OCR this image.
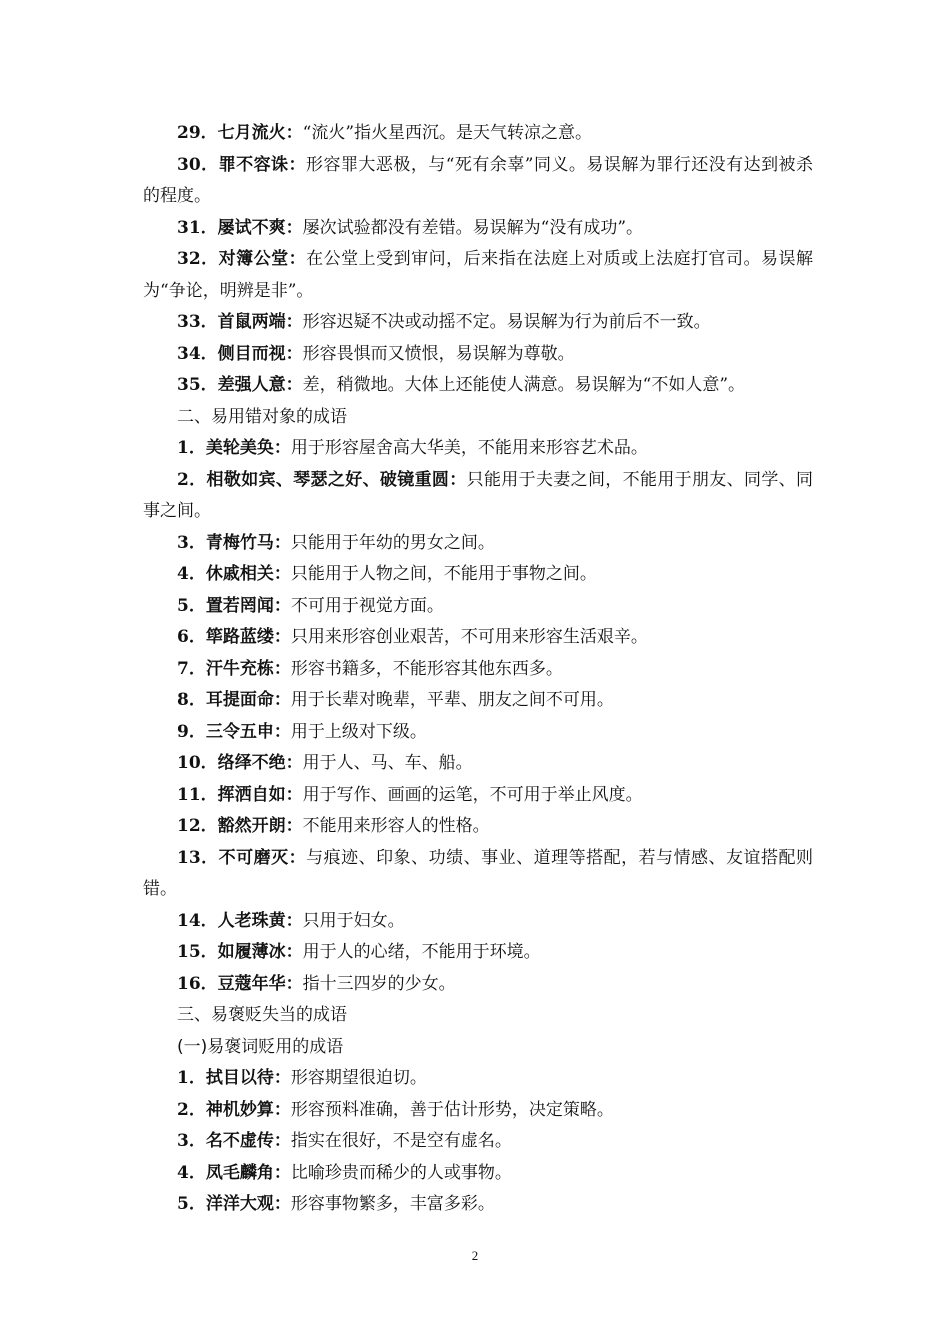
29．七月流火：“流火”指火星西沉。是天气转凉之意。

30．罪不容诛：形容罪大恶极，与“死有余辜”同义。易误解为罪行还没有达到被杀的程度。

31．屡试不爽：屡次试验都没有差错。易误解为“没有成功”。

32．对簿公堂：在公堂上受到审问，后来指在法庭上对质或上法庭打官司。易误解为“争论，明辨是非”。

33．首鼠两端：形容迟疑不决或动摇不定。易误解为行为前后不一致。

34．侧目而视：形容畏惧而又愤恨，易误解为尊敬。

35．差强人意：差，稍微地。大体上还能使人满意。易误解为“不如人意”。

二、易用错对象的成语

1．美轮美奂：用于形容屋舍高大华美，不能用来形容艺术品。

2．相敬如宾、琴瑟之好、破镜重圆：只能用于夫妻之间，不能用于朋友、同学、同事之间。

3．青梅竹马：只能用于年幼的男女之间。

4．休戚相关：只能用于人物之间，不能用于事物之间。

5．置若罔闻：不可用于视觉方面。

6．筚路蓝缕：只用来形容创业艰苦，不可用来形容生活艰辛。

7．汗牛充栋：形容书籍多，不能形容其他东西多。

8．耳提面命：用于长辈对晚辈，平辈、朋友之间不可用。

9．三令五申：用于上级对下级。

10．络绎不绝：用于人、马、车、船。

11．挥洒自如：用于写作、画画的运笔，不可用于举止风度。

12．豁然开朗：不能用来形容人的性格。

13．不可磨灭：与痕迹、印象、功绩、事业、道理等搭配，若与情感、友谊搭配则错。

14．人老珠黄：只用于妇女。

15．如履薄冰：用于人的心绪，不能用于环境。

16．豆蔻年华：指十三四岁的少女。

三、易褒贬失当的成语

(一)易褒词贬用的成语

1．拭目以待：形容期望很迫切。

2．神机妙算：形容预料准确，善于估计形势，决定策略。

3．名不虚传：指实在很好，不是空有虚名。

4．凤毛麟角：比喻珍贵而稀少的人或事物。

5．洋洋大观：形容事物繁多，丰富多彩。

2
